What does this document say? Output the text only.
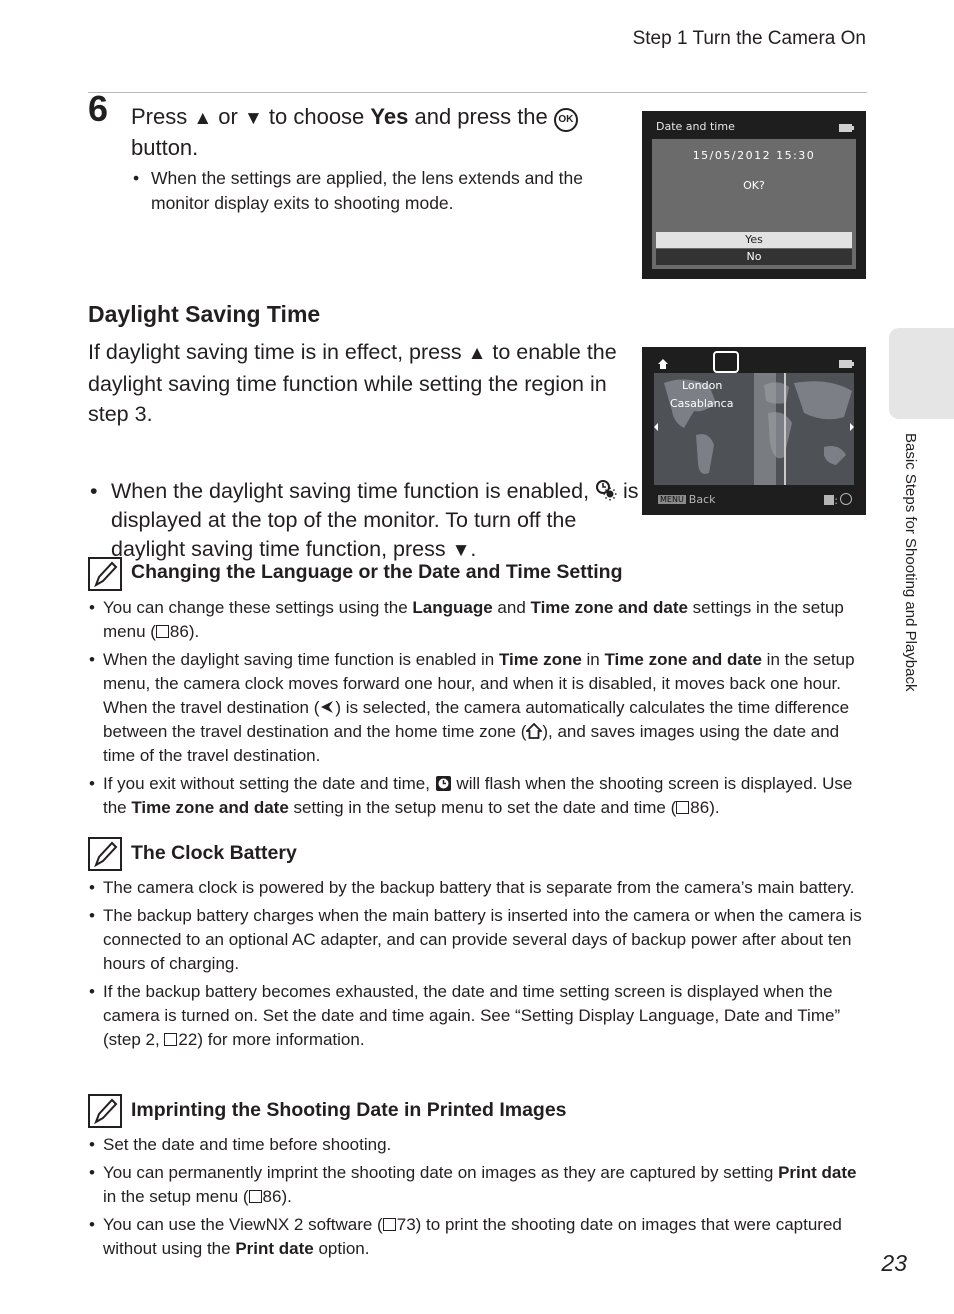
Step 1 Turn the Camera On
6 Press ▲ or ▼ to choose Yes and press the OK button.
• When the settings are applied, the lens extends and the monitor display exits to shooting mode.
Date and time
15/05/2012 15:30
OK?
Yes
No
Daylight Saving Time
If daylight saving time is in effect, press ▲ to enable the daylight saving time function while setting the region in step 3.
• When the daylight saving time function is enabled,  is displayed at the top of the monitor. To turn off the daylight saving time function, press ▼.
London
Casablanca
MENU Back	:
Changing the Language or the Date and Time Setting
• You can change these settings using the Language and Time zone and date settings in the setup menu ( 86).
• When the daylight saving time function is enabled in Time zone in Time zone and date in the setup menu, the camera clock moves forward one hour, and when it is disabled, it moves back one hour. When the travel destination ( ) is selected, the camera automatically calculates the time difference between the travel destination and the home time zone ( ), and saves images using the date and time of the travel destination.
• If you exit without setting the date and time,  will flash when the shooting screen is displayed. Use the Time zone and date setting in the setup menu to set the date and time ( 86).
The Clock Battery
• The camera clock is powered by the backup battery that is separate from the camera’s main battery.
• The backup battery charges when the main battery is inserted into the camera or when the camera is connected to an optional AC adapter, and can provide several days of backup power after about ten hours of charging.
• If the backup battery becomes exhausted, the date and time setting screen is displayed when the camera is turned on. Set the date and time again. See “Setting Display Language, Date and Time” (step 2, 22) for more information.
Imprinting the Shooting Date in Printed Images
• Set the date and time before shooting.
• You can permanently imprint the shooting date on images as they are captured by setting Print date in the setup menu ( 86).
• You can use the ViewNX 2 software ( 73) to print the shooting date on images that were captured without using the Print date option.
Basic Steps for Shooting and Playback
23
